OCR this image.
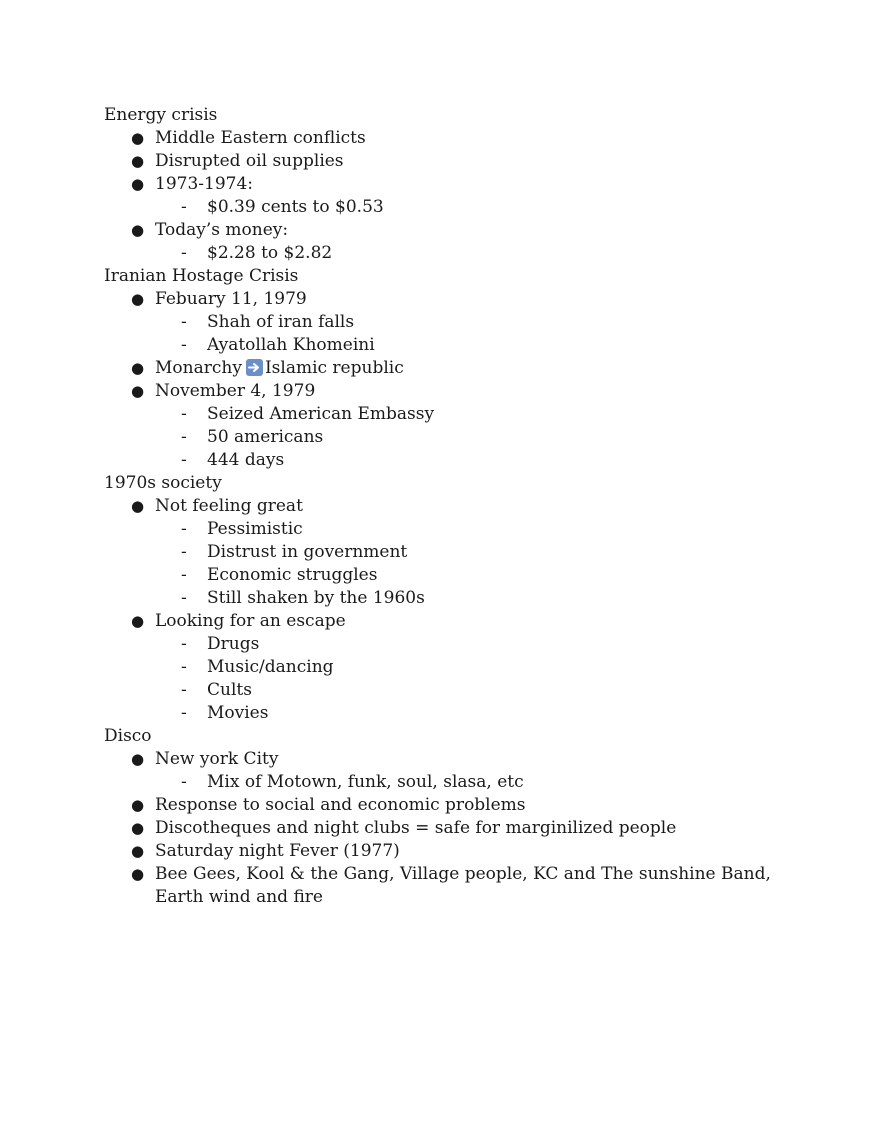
Energy crisis
● Middle Eastern conflicts
● Disrupted oil supplies
● 1973-1974:
- $0.39 cents to $0.53
● Today’s money:
- $2.28 to $2.82
Iranian Hostage Crisis
● Febuary 11, 1979
- Shah of iran falls
- Ayatollah Khomeini
● Monarchy Islamic republic
● November 4, 1979
- Seized American Embassy
- 50 americans
- 444 days
1970s society
● Not feeling great
- Pessimistic
- Distrust in government
- Economic struggles
- Still shaken by the 1960s
● Looking for an escape
- Drugs
- Music/dancing
- Cults
- Movies
Disco
● New york City
- Mix of Motown, funk, soul, slasa, etc
● Response to social and economic problems
● Discotheques and night clubs = safe for marginilized people
● Saturday night Fever (1977)
● Bee Gees, Kool & the Gang, Village people, KC and The sunshine Band, Earth wind and fire
